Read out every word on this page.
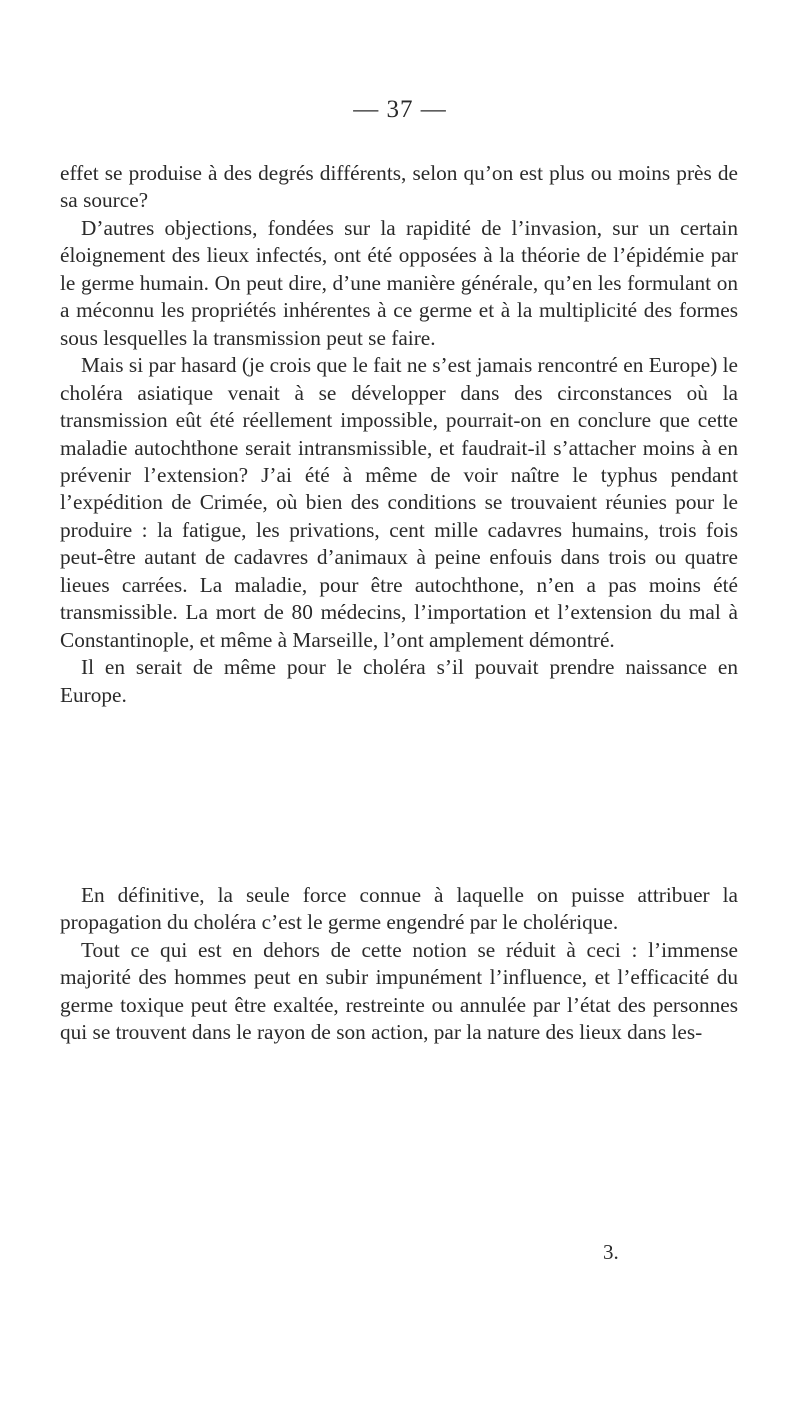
— 37 —

effet se produise à des degrés différents, selon qu’on est plus ou moins près de sa source?

D’autres objections, fondées sur la rapidité de l’invasion, sur un certain éloignement des lieux infectés, ont été opposées à la théorie de l’épidémie par le germe humain. On peut dire, d’une manière générale, qu’en les formulant on a méconnu les propriétés inhérentes à ce germe et à la multiplicité des formes sous lesquelles la transmission peut se faire.

Mais si par hasard (je crois que le fait ne s’est jamais rencontré en Europe) le choléra asiatique venait à se développer dans des circonstances où la transmission eût été réellement impossible, pourrait-on en conclure que cette maladie autochthone serait intransmissible, et faudrait-il s’attacher moins à en prévenir l’extension? J’ai été à même de voir naître le typhus pendant l’expédition de Crimée, où bien des conditions se trouvaient réunies pour le produire : la fatigue, les privations, cent mille cadavres humains, trois fois peut-être autant de cadavres d’animaux à peine enfouis dans trois ou quatre lieues carrées. La maladie, pour être autochthone, n’en a pas moins été transmissible. La mort de 80 médecins, l’importation et l’extension du mal à Constantinople, et même à Marseille, l’ont amplement démontré.

Il en serait de même pour le choléra s’il pouvait prendre naissance en Europe.

En définitive, la seule force connue à laquelle on puisse attribuer la propagation du choléra c’est le germe engendré par le cholérique.

Tout ce qui est en dehors de cette notion se réduit à ceci : l’immense majorité des hommes peut en subir impunément l’influence, et l’efficacité du germe toxique peut être exaltée, restreinte ou annulée par l’état des personnes qui se trouvent dans le rayon de son action, par la nature des lieux dans les-

3.
